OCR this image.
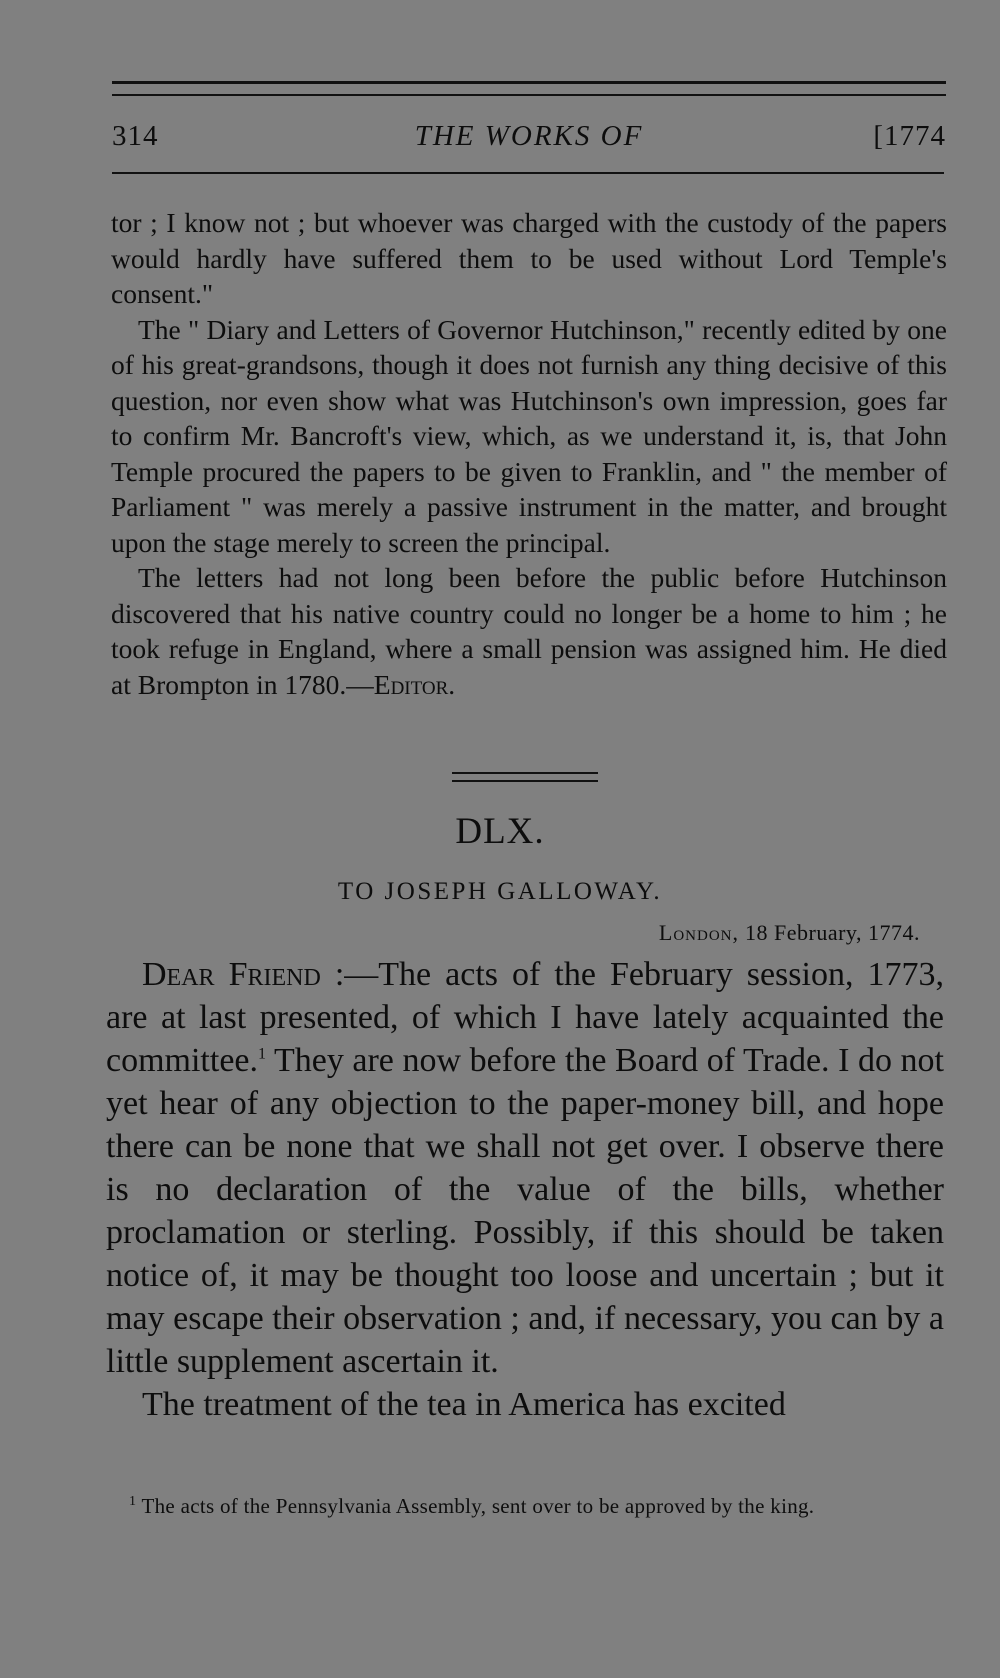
314	THE WORKS OF	[1774

tor ; I know not ; but whoever was charged with the custody of the papers would hardly have suffered them to be used without Lord Temple's consent."

The " Diary and Letters of Governor Hutchinson," recently edited by one of his great-grandsons, though it does not furnish any thing decisive of this question, nor even show what was Hutchinson's own impression, goes far to confirm Mr. Bancroft's view, which, as we understand it, is, that John Temple procured the papers to be given to Franklin, and " the member of Parliament " was merely a passive instrument in the matter, and brought upon the stage merely to screen the principal.

The letters had not long been before the public before Hutchinson discovered that his native country could no longer be a home to him ; he took refuge in England, where a small pension was assigned him. He died at Brompton in 1780.—Editor.

DLX.
TO JOSEPH GALLOWAY.
London, 18 February, 1774.

Dear Friend :—The acts of the February session, 1773, are at last presented, of which I have lately acquainted the committee.$^1$ They are now before the Board of Trade. I do not yet hear of any objection to the paper-money bill, and hope there can be none that we shall not get over. I observe there is no declaration of the value of the bills, whether proclamation or sterling. Possibly, if this should be taken notice of, it may be thought too loose and uncertain ; but it may escape their observation ; and, if necessary, you can by a little supplement ascertain it.

The treatment of the tea in America has excited

$^1$ The acts of the Pennsylvania Assembly, sent over to be approved by the king.
